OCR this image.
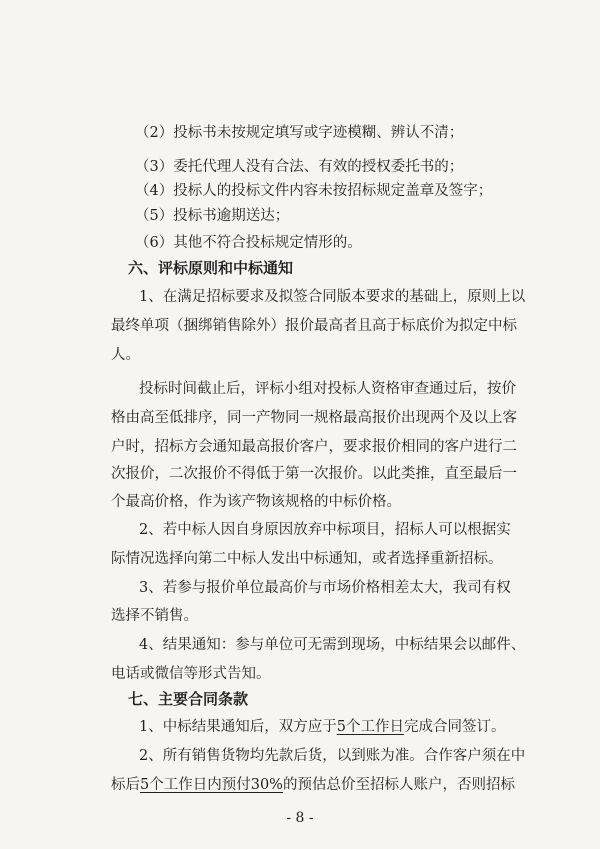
（2）投标书未按规定填写或字迹模糊、辨认不清；
（3）委托代理人没有合法、有效的授权委托书的；
（4）投标人的投标文件内容未按招标规定盖章及签字；
（5）投标书逾期送达；
（6）其他不符合投标规定情形的。
六、评标原则和中标通知
1、在满足招标要求及拟签合同版本要求的基础上，原则上以
最终单项（捆绑销售除外）报价最高者且高于标底价为拟定中标
人。
投标时间截止后，评标小组对投标人资格审查通过后，按价
格由高至低排序，同一产物同一规格最高报价出现两个及以上客
户时，招标方会通知最高报价客户，要求报价相同的客户进行二
次报价，二次报价不得低于第一次报价。以此类推，直至最后一
个最高价格，作为该产物该规格的中标价格。
2、若中标人因自身原因放弃中标项目，招标人可以根据实
际情况选择向第二中标人发出中标通知，或者选择重新招标。
3、若参与报价单位最高价与市场价格相差太大，我司有权
选择不销售。
4、结果通知：参与单位可无需到现场，中标结果会以邮件、
电话或微信等形式告知。
七、主要合同条款
1、中标结果通知后，双方应于5个工作日完成合同签订。
2、所有销售货物均先款后货，以到账为准。合作客户须在中
标后5个工作日内预付30%的预估总价至招标人账户，否则招标
- 8 -
